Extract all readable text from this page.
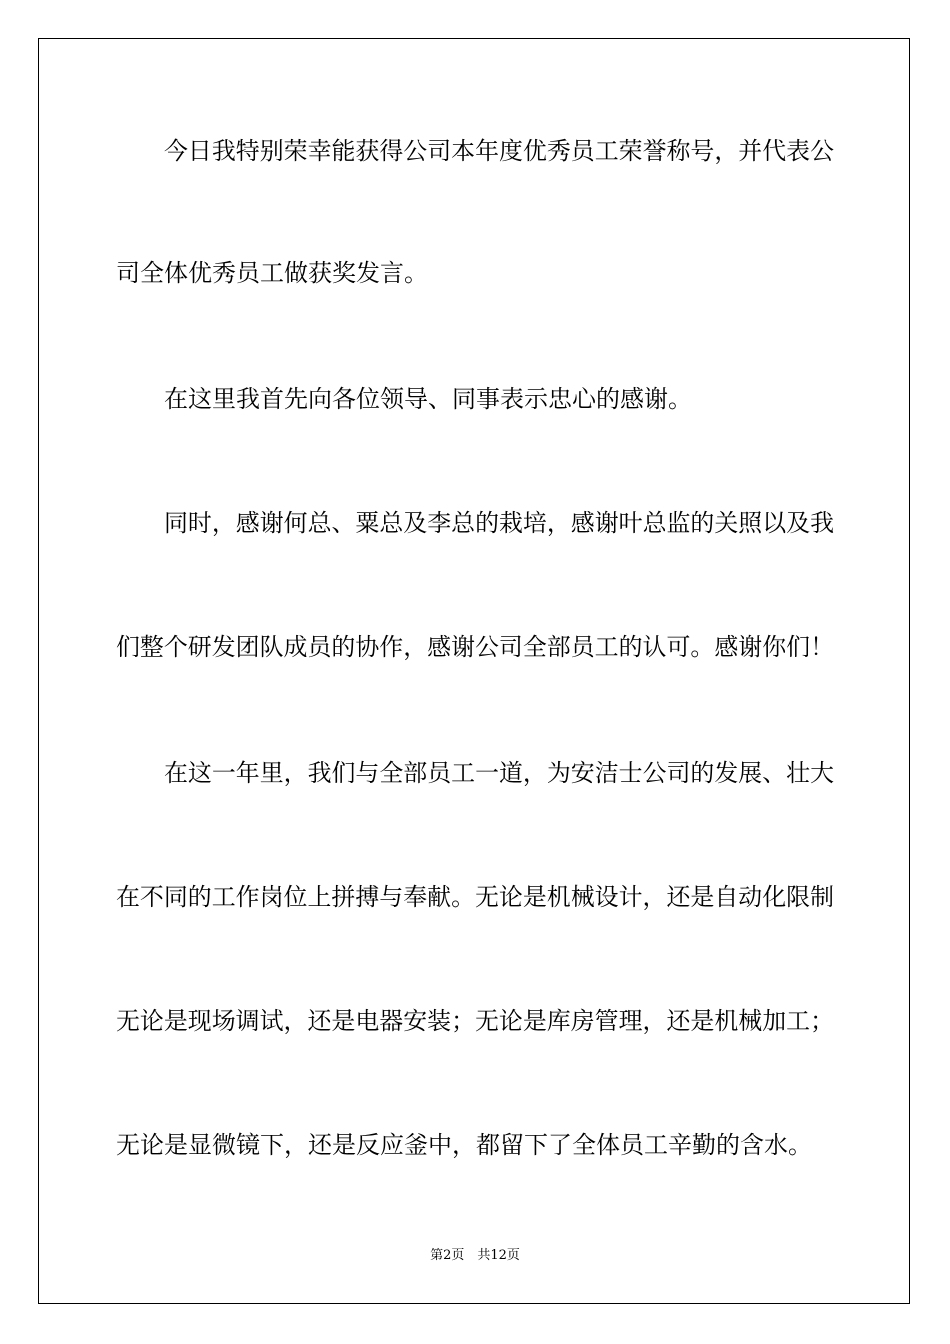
今日我特别荣幸能获得公司本年度优秀员工荣誉称号，并代表公
司全体优秀员工做获奖发言。
在这里我首先向各位领导、同事表示忠心的感谢。
同时，感谢何总、粟总及李总的栽培，感谢叶总监的关照以及我
们整个研发团队成员的协作，感谢公司全部员工的认可。感谢你们！
在这一年里，我们与全部员工一道，为安洁士公司的发展、壮大
在不同的工作岗位上拼搏与奉献。无论是机械设计，还是自动化限制
无论是现场调试，还是电器安装；无论是库房管理，还是机械加工；
无论是显微镜下，还是反应釜中，都留下了全体员工辛勤的含水。
第2页　共12页
